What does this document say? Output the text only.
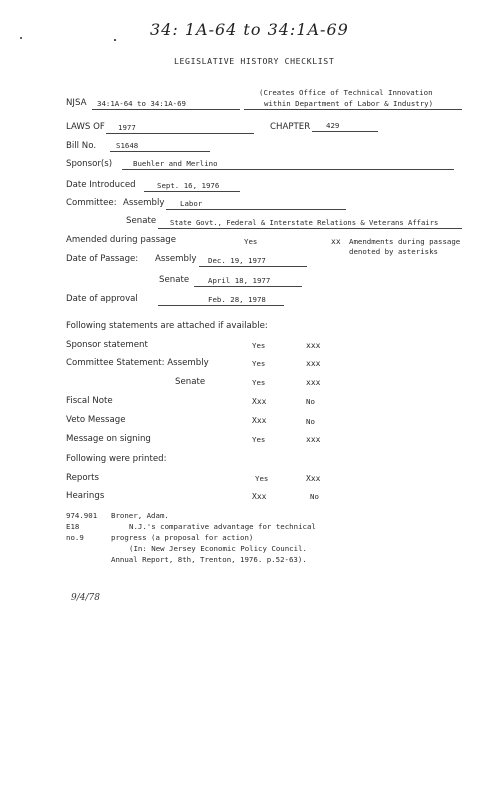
34: 1A-64 to 34:1A-69
LEGISLATIVE HISTORY CHECKLIST
NJSA 34:1A-64 to 34:1A-69
(Creates Office of Technical Innovation
within Department of Labor & Industry)
LAWS OF 1977	CHAPTER 429
Bill No.	S1648
Sponsor(s)	Buehler and Merlino
Date Introduced	Sept. 16, 1976
Committee: Assembly Labor
Senate State Govt., Federal & Interstate Relations & Veterans Affairs
Amended during passage	Yes	xx Amendments during passage
denoted by asterisks
Date of Passage: Assembly Dec. 19, 1977
Senate	April 18, 1977
Date of approval	Feb. 28, 1978
Following statements are attached if available:
Sponsor statement	Yes	xxx
Committee Statement: Assembly	Yes	xxx
Senate	Yes	xxx
Fiscal Note	Xxx	No
Veto Message	Xxx	No
Message on signing	Yes	xxx
Following were printed:
Reports	Yes	Xxx
Hearings	Xxx	No
974.901
E18
no.9
Broner, Adam.
N.J.'s comparative advantage for technical
progress (a proposal for action)
(In: New Jersey Economic Policy Council.
Annual Report, 8th, Trenton, 1976. p.52-63).
9/4/78
